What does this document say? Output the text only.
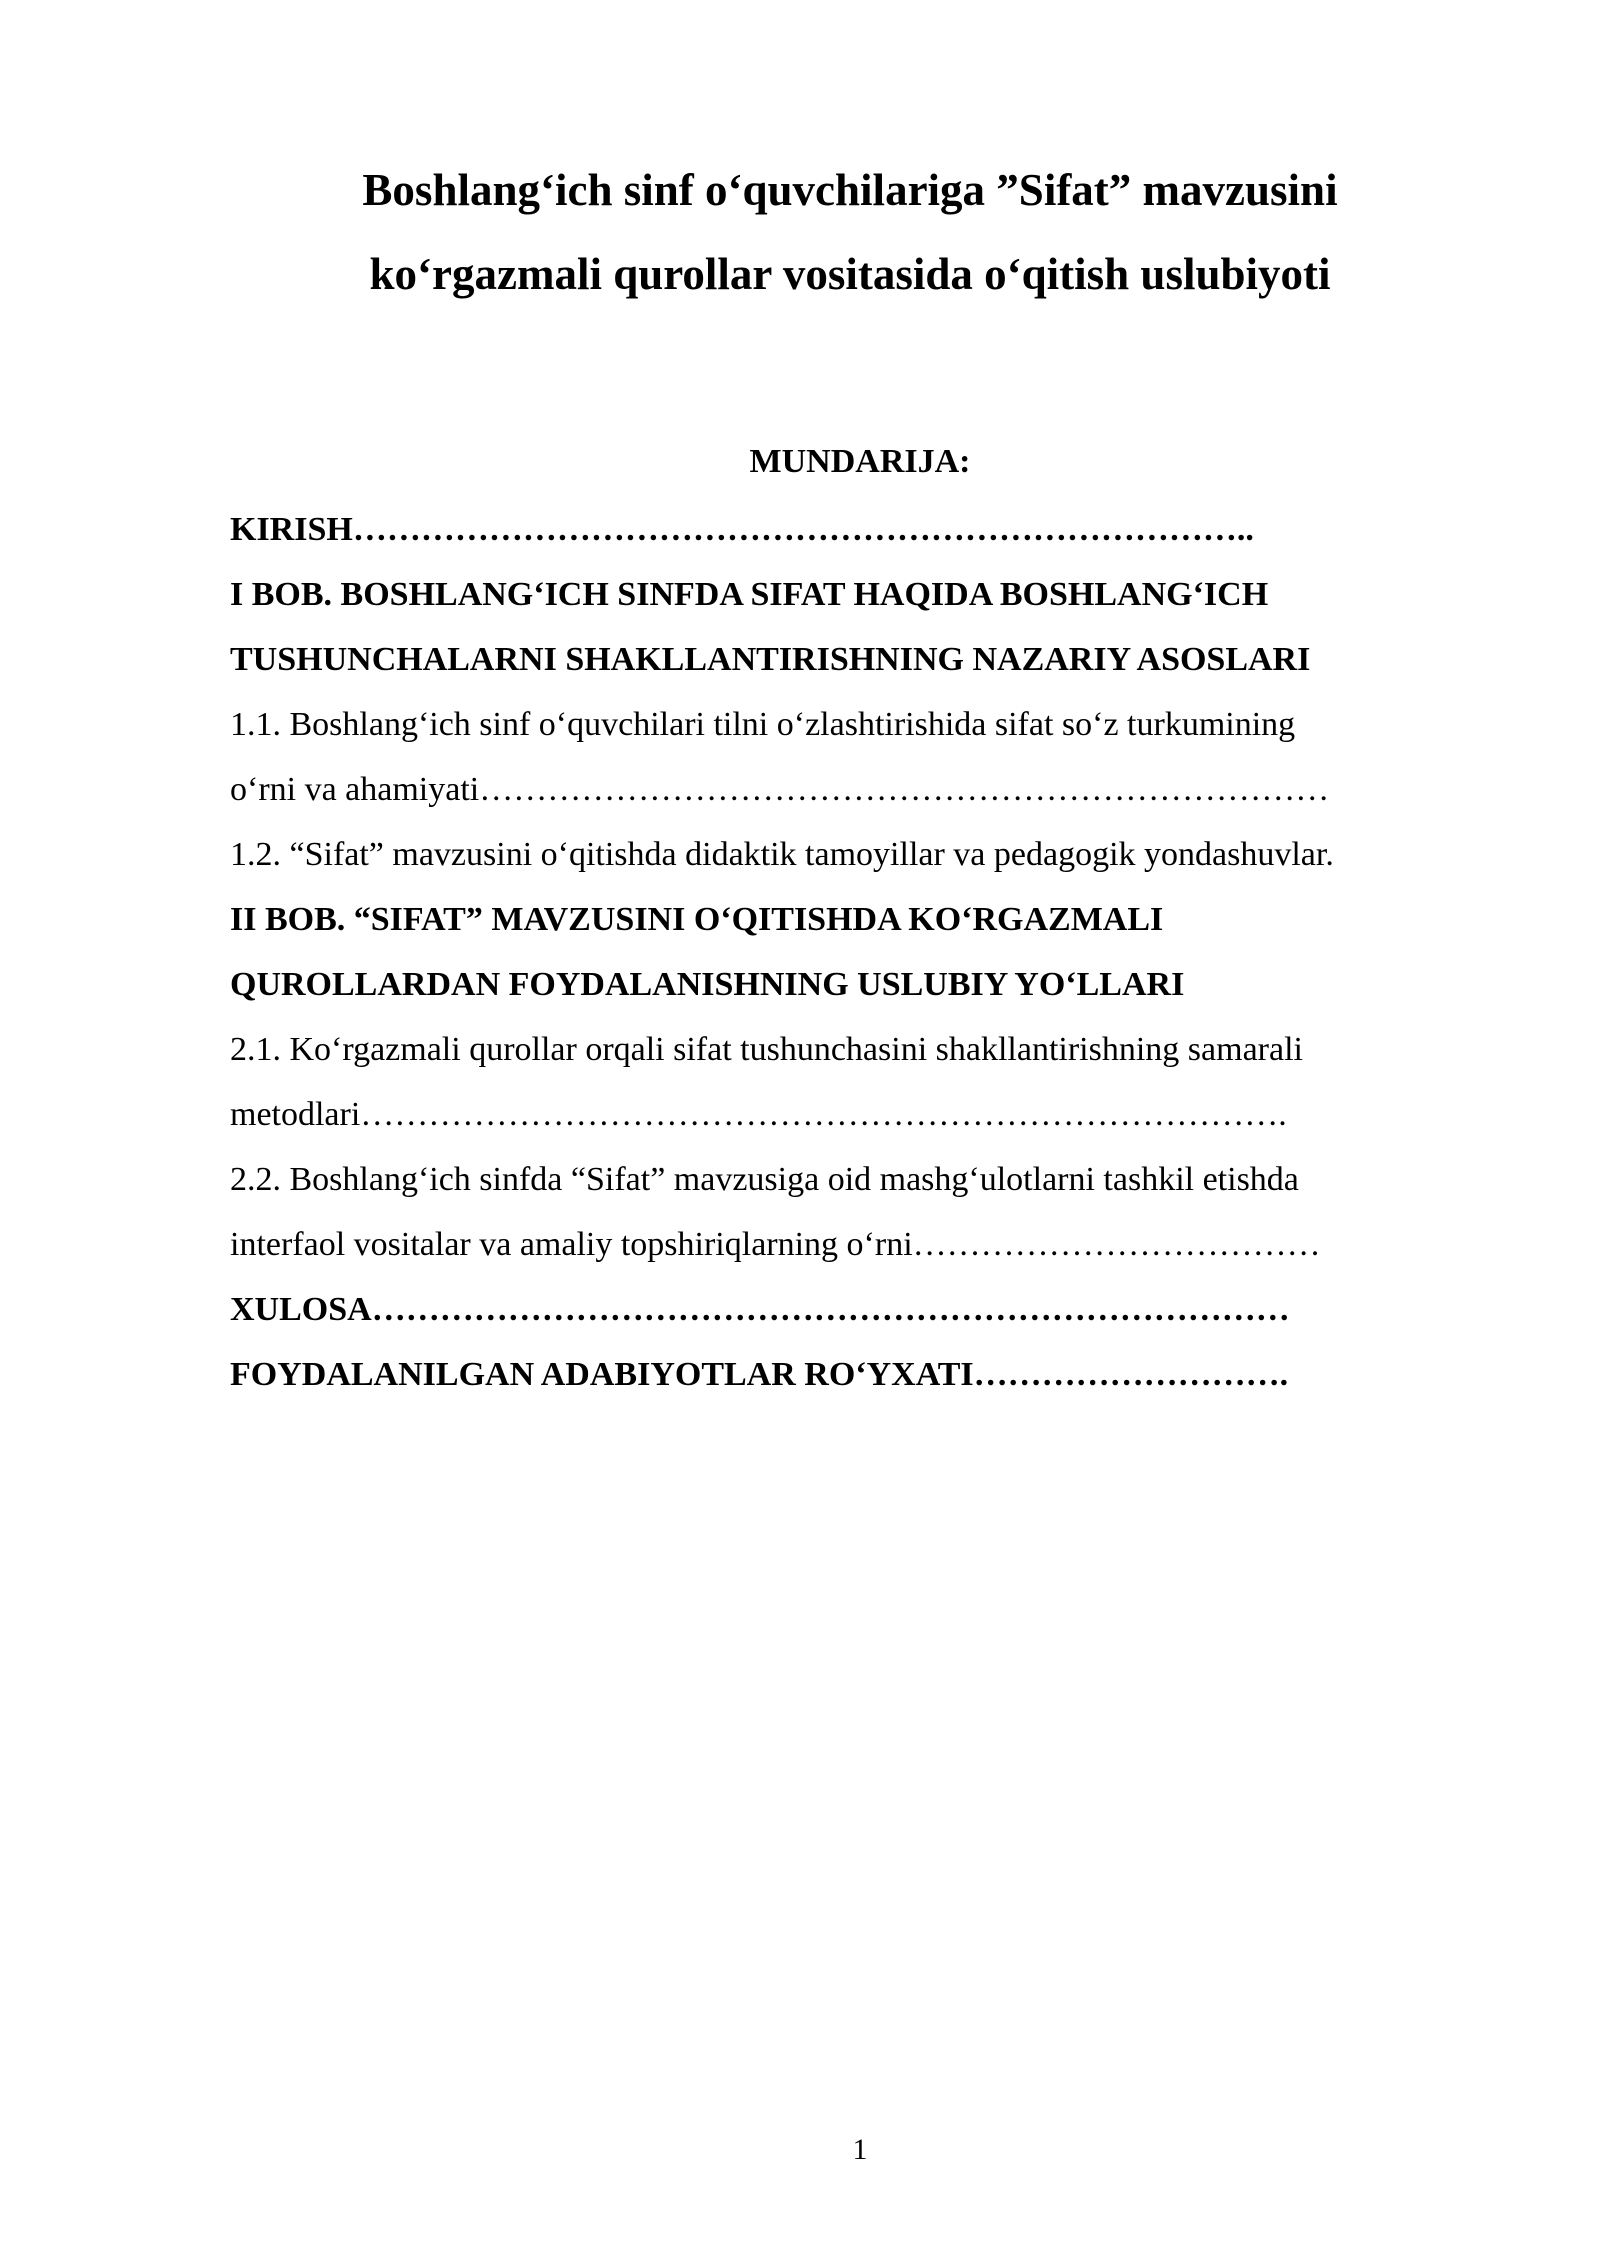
Boshlang‘ich sinf o‘quvchilariga ”Sifat” mavzusini
ko‘rgazmali qurollar vositasida o‘qitish uslubiyoti
MUNDARIJA:
KIRISH……………………………………………………………………..
I BOB. BOSHLANG‘ICH SINFDA SIFAT HAQIDA BOSHLANG‘ICH
TUSHUNCHALARNI SHAKLLANTIRISHNING NAZARIY ASOSLARI
1.1. Boshlang‘ich sinf o‘quvchilari tilni o‘zlashtirishida sifat so‘z turkumining
o‘rni va ahamiyati…………………………………………………………………
1.2. “Sifat” mavzusini o‘qitishda didaktik tamoyillar va pedagogik yondashuvlar.
II BOB. “SIFAT” MAVZUSINI O‘QITISHDA KO‘RGAZMALI
QUROLLARDAN FOYDALANISHNING USLUBIY YO‘LLARI
2.1. Ko‘rgazmali qurollar orqali sifat tushunchasini shakllantirishning samarali
metodlari……………………………………………………………………….
2.2. Boshlang‘ich sinfda “Sifat” mavzusiga oid mashg‘ulotlarni tashkil etishda
interfaol vositalar va amaliy topshiriqlarning o‘rni………………………………
XULOSA………………………………………………………………………
FOYDALANILGAN ADABIYOTLAR RO‘YXATI……………………….
1
